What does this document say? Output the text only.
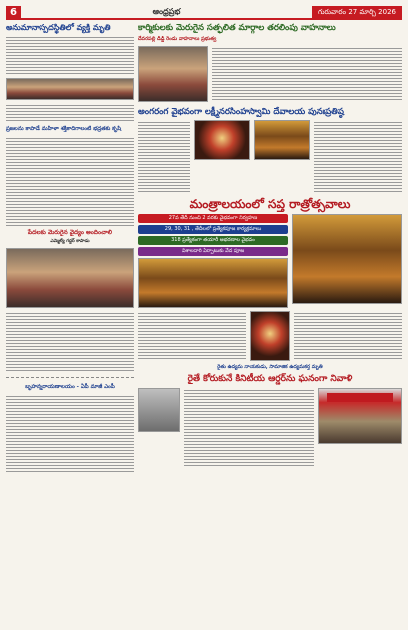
6	ఆంధ్రప్రభ	గురువారం 27 మార్చి 2026
అనుమానాస్పదస్థితిలో వ్యక్తి మృతి
ప్రజలను కాపాడే మహిళా శక్తికాదిగాలంటి భద్రతకు కృషి
పేదలకు మెరుగైన వైద్యం అందించాలి
ఎమ్మెల్యే గద్దర్ కాపాడు
బృహన్నరాయణాలయం - ఏపీ మాజీ ఎంపీ
కార్మికులకు మెరుగైన సత్ఫలిత మార్గాల తరలింపు వాహనాలు
దేవరపల్లి డిడ్డి రెండు వాహనాలు ప్రభుత్వ
అంగరంగ వైభవంగా లక్ష్మీనరసింహస్వామి దేవాలయ పునఃప్రతిష్ఠ
మంత్రాలయంలో సప్త రాత్రోత్సవాలు
27వ తేదీ నుంచి 2 వరకు వైభవంగా నిర్వహణ
29, 30, 31 , తేదీలలో ప్రత్యేకపూజ కార్యక్రమాలు
318 ప్రత్యేకంగా తయారీ ఆభరణాల వైభవం
విశాలదారి ఏర్పాటుకు వేద పూజ
రైతు ఉద్యమ నాయకుడు, సామాజిక ఉద్యమకర్త మృతి
రైతే కోరుకునే కినిటీయ ఆర్డర్‌ను ఘనంగా నివాళి
